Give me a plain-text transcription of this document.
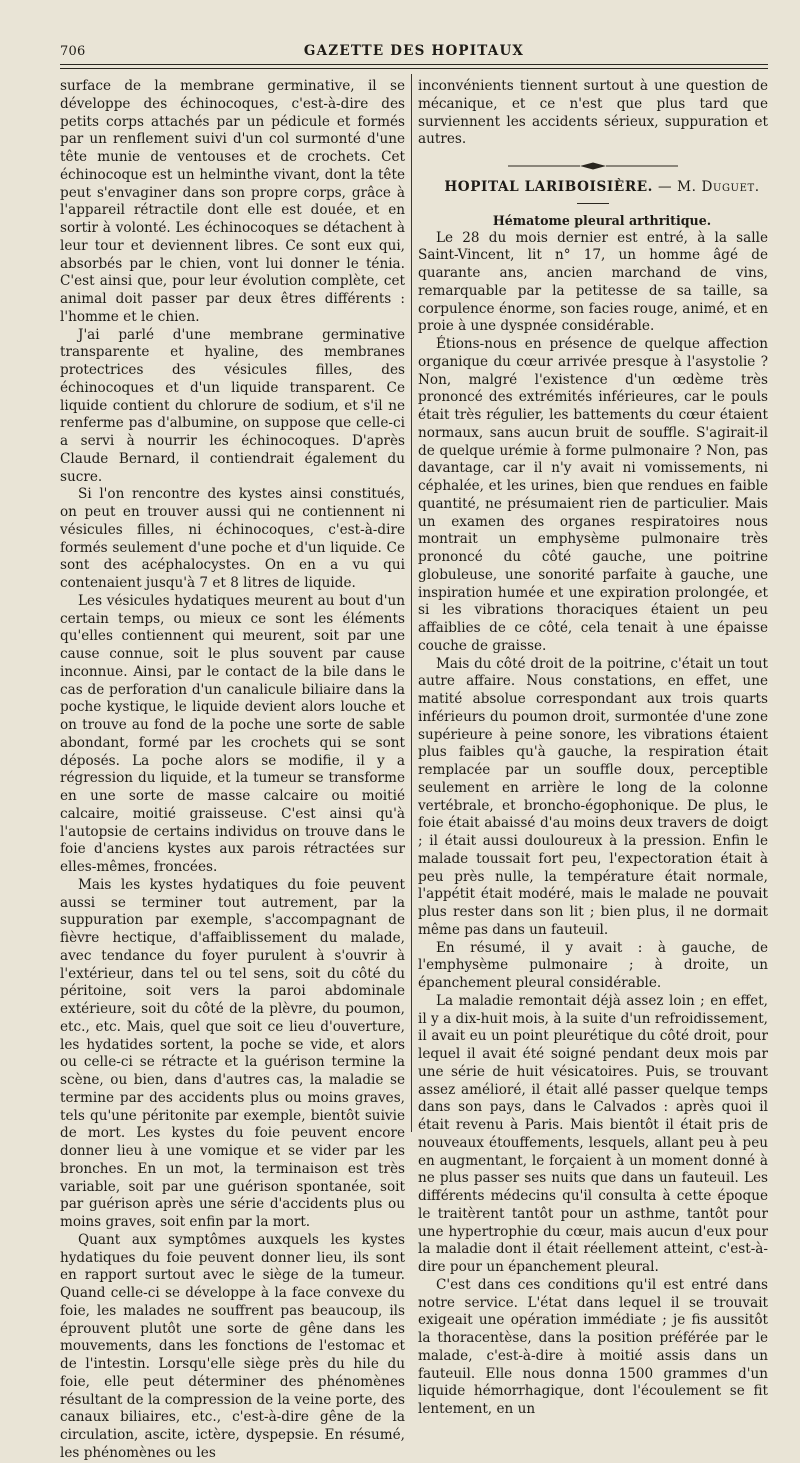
706	GAZETTE DES HOPITAUX

surface de la membrane germinative, il se développe des échinocoques, c'est-à-dire des petits corps attachés par un pédicule et formés par un renflement suivi d'un col surmonté d'une tête munie de ventouses et de crochets. Cet échinocoque est un helminthe vivant, dont la tête peut s'envaginer dans son propre corps, grâce à l'appareil rétractile dont elle est douée, et en sortir à volonté. Les échinocoques se détachent à leur tour et deviennent libres. Ce sont eux qui, absorbés par le chien, vont lui donner le ténia. C'est ainsi que, pour leur évolution complète, cet animal doit passer par deux êtres différents : l'homme et le chien.

J'ai parlé d'une membrane germinative transparente et hyaline, des membranes protectrices des vésicules filles, des échinocoques et d'un liquide transparent. Ce liquide contient du chlorure de sodium, et s'il ne renferme pas d'albumine, on suppose que celle-ci a servi à nourrir les échinocoques. D'après Claude Bernard, il contiendrait également du sucre.

Si l'on rencontre des kystes ainsi constitués, on peut en trouver aussi qui ne contiennent ni vésicules filles, ni échinocoques, c'est-à-dire formés seulement d'une poche et d'un liquide. Ce sont des acéphalocystes. On en a vu qui contenaient jusqu'à 7 et 8 litres de liquide.

Les vésicules hydatiques meurent au bout d'un certain temps, ou mieux ce sont les éléments qu'elles contiennent qui meurent, soit par une cause connue, soit le plus souvent par cause inconnue. Ainsi, par le contact de la bile dans le cas de perforation d'un canalicule biliaire dans la poche kystique, le liquide devient alors louche et on trouve au fond de la poche une sorte de sable abondant, formé par les crochets qui se sont déposés. La poche alors se modifie, il y a régression du liquide, et la tumeur se transforme en une sorte de masse calcaire ou moitié calcaire, moitié graisseuse. C'est ainsi qu'à l'autopsie de certains individus on trouve dans le foie d'anciens kystes aux parois rétractées sur elles-mêmes, froncées.

Mais les kystes hydatiques du foie peuvent aussi se terminer tout autrement, par la suppuration par exemple, s'accompagnant de fièvre hectique, d'affaiblissement du malade, avec tendance du foyer purulent à s'ouvrir à l'extérieur, dans tel ou tel sens, soit du côté du péritoine, soit vers la paroi abdominale extérieure, soit du côté de la plèvre, du poumon, etc., etc. Mais, quel que soit ce lieu d'ouverture, les hydatides sortent, la poche se vide, et alors ou celle-ci se rétracte et la guérison termine la scène, ou bien, dans d'autres cas, la maladie se termine par des accidents plus ou moins graves, tels qu'une péritonite par exemple, bientôt suivie de mort. Les kystes du foie peuvent encore donner lieu à une vomique et se vider par les bronches. En un mot, la terminaison est très variable, soit par une guérison spontanée, soit par guérison après une série d'accidents plus ou moins graves, soit enfin par la mort.

Quant aux symptômes auxquels les kystes hydatiques du foie peuvent donner lieu, ils sont en rapport surtout avec le siège de la tumeur. Quand celle-ci se développe à la face convexe du foie, les malades ne souffrent pas beaucoup, ils éprouvent plutôt une sorte de gêne dans les mouvements, dans les fonctions de l'estomac et de l'intestin. Lorsqu'elle siège près du hile du foie, elle peut déterminer des phénomènes résultant de la compression de la veine porte, des canaux biliaires, etc., c'est-à-dire gêne de la circulation, ascite, ictère, dyspepsie. En résumé, les phénomènes ou les

inconvénients tiennent surtout à une question de mécanique, et ce n'est que plus tard que surviennent les accidents sérieux, suppuration et autres.

HOPITAL LARIBOISIÈRE. — M. Duguet.

Hématome pleural arthritique.

Le 28 du mois dernier est entré, à la salle Saint-Vincent, lit n° 17, un homme âgé de quarante ans, ancien marchand de vins, remarquable par la petitesse de sa taille, sa corpulence énorme, son facies rouge, animé, et en proie à une dyspnée considérable.

Étions-nous en présence de quelque affection organique du cœur arrivée presque à l'asystolie ? Non, malgré l'existence d'un œdème très prononcé des extrémités inférieures, car le pouls était très régulier, les battements du cœur étaient normaux, sans aucun bruit de souffle. S'agirait-il de quelque urémie à forme pulmonaire ? Non, pas davantage, car il n'y avait ni vomissements, ni céphalée, et les urines, bien que rendues en faible quantité, ne présumaient rien de particulier. Mais un examen des organes respiratoires nous montrait un emphysème pulmonaire très prononcé du côté gauche, une poitrine globuleuse, une sonorité parfaite à gauche, une inspiration humée et une expiration prolongée, et si les vibrations thoraciques étaient un peu affaiblies de ce côté, cela tenait à une épaisse couche de graisse.

Mais du côté droit de la poitrine, c'était un tout autre affaire. Nous constations, en effet, une matité absolue correspondant aux trois quarts inférieurs du poumon droit, surmontée d'une zone supérieure à peine sonore, les vibrations étaient plus faibles qu'à gauche, la respiration était remplacée par un souffle doux, perceptible seulement en arrière le long de la colonne vertébrale, et broncho-égophonique. De plus, le foie était abaissé d'au moins deux travers de doigt ; il était aussi douloureux à la pression. Enfin le malade toussait fort peu, l'expectoration était à peu près nulle, la température était normale, l'appétit était modéré, mais le malade ne pouvait plus rester dans son lit ; bien plus, il ne dormait même pas dans un fauteuil.

En résumé, il y avait : à gauche, de l'emphysème pulmonaire ; à droite, un épanchement pleural considérable.

La maladie remontait déjà assez loin ; en effet, il y a dix-huit mois, à la suite d'un refroidissement, il avait eu un point pleurétique du côté droit, pour lequel il avait été soigné pendant deux mois par une série de huit vésicatoires. Puis, se trouvant assez amélioré, il était allé passer quelque temps dans son pays, dans le Calvados : après quoi il était revenu à Paris. Mais bientôt il était pris de nouveaux étouffements, lesquels, allant peu à peu en augmentant, le forçaient à un moment donné à ne plus passer ses nuits que dans un fauteuil. Les différents médecins qu'il consulta à cette époque le traitèrent tantôt pour un asthme, tantôt pour une hypertrophie du cœur, mais aucun d'eux pour la maladie dont il était réellement atteint, c'est-à-dire pour un épanchement pleural.

C'est dans ces conditions qu'il est entré dans notre service. L'état dans lequel il se trouvait exigeait une opération immédiate ; je fis aussitôt la thoracentèse, dans la position préférée par le malade, c'est-à-dire à moitié assis dans un fauteuil. Elle nous donna 1500 grammes d'un liquide hémorrhagique, dont l'écoulement se fit lentement, en un
